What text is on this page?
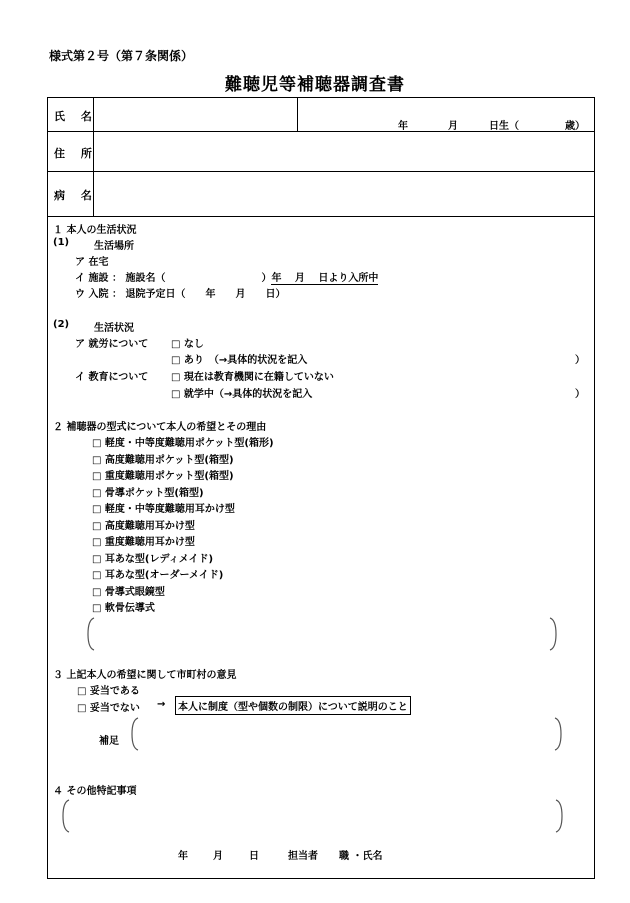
様式第２号（第７条関係）
難聴児等補聴器調査書
氏 名
年	月	日生（	歳）
住 所
病 名
１ 本人の生活状況
(1) 生活場所
ア 在宅
イ 施設 ： 施設名（	）年　 月　 日より入所中
ウ 入院 ： 退院予定日（　　年　　月　　日）
(2) 生活状況
ア 就労について □ なし
□ あり　（→具体的状況を記入	）
イ 教育について □ 現在は教育機関に在籍していない
□ 就学中（→具体的状況を記入	）
２ 補聴器の型式について本人の希望とその理由
□ 軽度・中等度難聴用ポケット型(箱形)
□ 高度難聴用ポケット型(箱型)
□ 重度難聴用ポケット型(箱型)
□ 骨導ポケット型(箱型)
□ 軽度・中等度難聴用耳かけ型
□ 高度難聴用耳かけ型
□ 重度難聴用耳かけ型
□ 耳あな型(レディメイド)
□ 耳あな型(オーダーメイド)
□ 骨導式眼鏡型
□ 軟骨伝導式
３ 上記本人の希望に関して市町村の意見
□ 妥当である
□ 妥当でない →	本人に制度（型や個数の制限）について説明のこと
補足
４ その他特記事項
年	月	日	担当者 職 ・氏名
